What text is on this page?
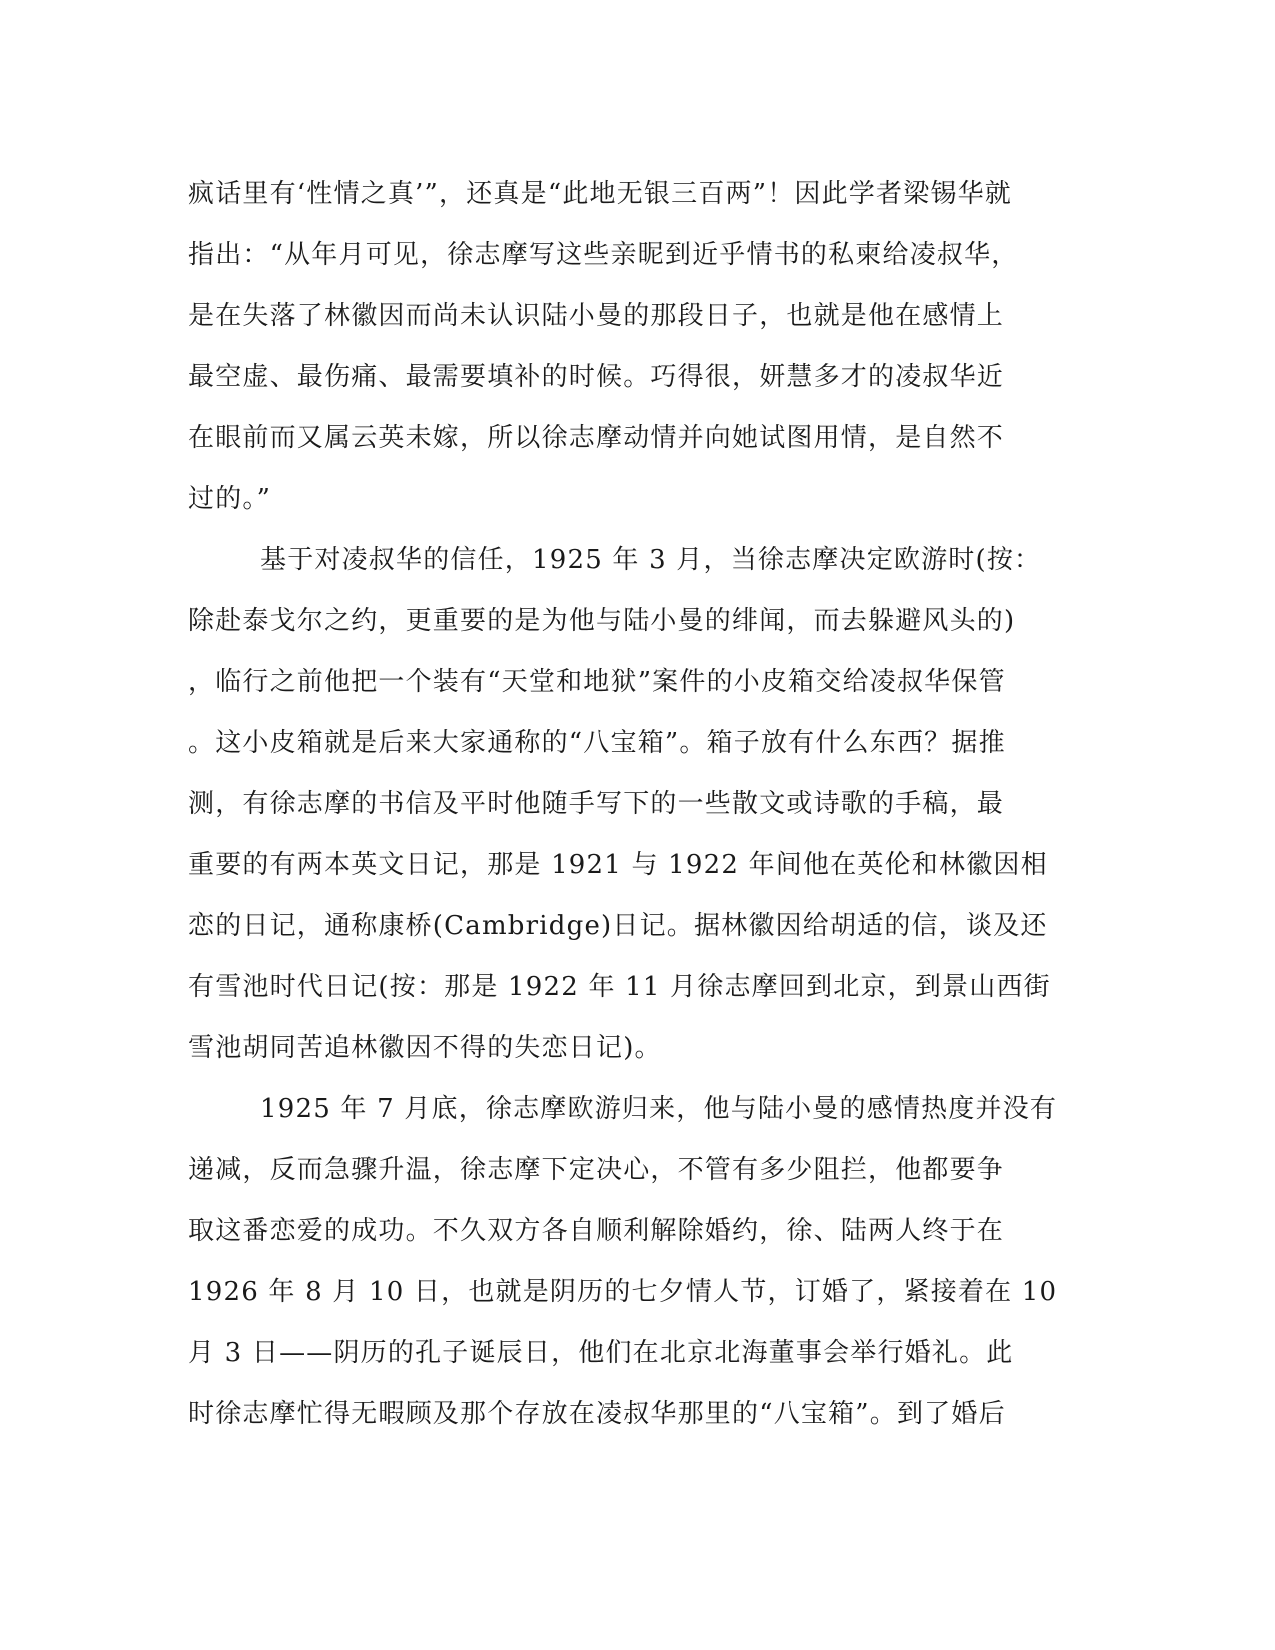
疯话里有‘性情之真’”，还真是“此地无银三百两”！因此学者梁锡华就
指出：“从年月可见，徐志摩写这些亲昵到近乎情书的私柬给凌叔华，
是在失落了林徽因而尚未认识陆小曼的那段日子，也就是他在感情上
最空虚、最伤痛、最需要填补的时候。巧得很，妍慧多才的凌叔华近
在眼前而又属云英未嫁，所以徐志摩动情并向她试图用情，是自然不
过的。”
基于对凌叔华的信任，1925 年 3 月，当徐志摩决定欧游时(按：
除赴泰戈尔之约，更重要的是为他与陆小曼的绯闻，而去躲避风头的)
，临行之前他把一个装有“天堂和地狱”案件的小皮箱交给凌叔华保管
。这小皮箱就是后来大家通称的“八宝箱”。箱子放有什么东西？据推
测，有徐志摩的书信及平时他随手写下的一些散文或诗歌的手稿，最
重要的有两本英文日记，那是 1921 与 1922 年间他在英伦和林徽因相
恋的日记，通称康桥(Cambridge)日记。据林徽因给胡适的信，谈及还
有雪池时代日记(按：那是 1922 年 11 月徐志摩回到北京，到景山西街
雪池胡同苦追林徽因不得的失恋日记)。
1925 年 7 月底，徐志摩欧游归来，他与陆小曼的感情热度并没有
递减，反而急骤升温，徐志摩下定决心，不管有多少阻拦，他都要争
取这番恋爱的成功。不久双方各自顺利解除婚约，徐、陆两人终于在
1926 年 8 月 10 日，也就是阴历的七夕情人节，订婚了，紧接着在 10
月 3 日——阴历的孔子诞辰日，他们在北京北海董事会举行婚礼。此
时徐志摩忙得无暇顾及那个存放在凌叔华那里的“八宝箱”。到了婚后
